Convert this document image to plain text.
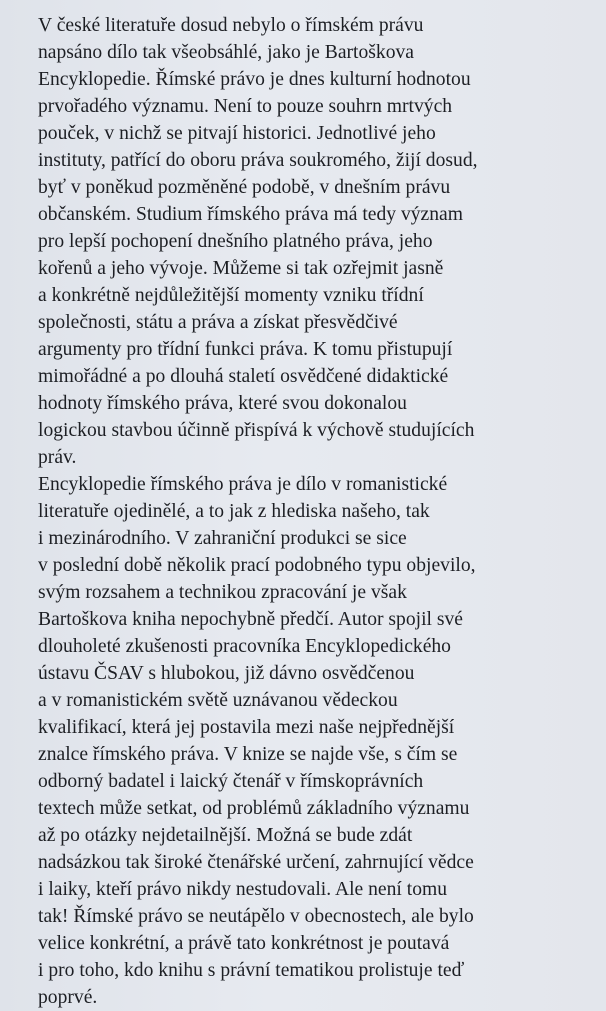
V české literatuře dosud nebylo o římském právu
napsáno dílo tak všeobsáhlé, jako je Bartoškova
Encyklopedie. Římské právo je dnes kulturní hodnotou
prvořadého významu. Není to pouze souhrn mrtvých
pouček, v nichž se pitvají historici. Jednotlivé jeho
instituty, patřící do oboru práva soukromého, žijí dosud,
byť v poněkud pozměněné podobě, v dnešním právu
občanském. Studium římského práva má tedy význam
pro lepší pochopení dnešního platného práva, jeho
kořenů a jeho vývoje. Můžeme si tak ozřejmit jasně
a konkrétně nejdůležitější momenty vzniku třídní
společnosti, státu a práva a získat přesvědčivé
argumenty pro třídní funkci práva. K tomu přistupují
mimořádné a po dlouhá staletí osvědčené didaktické
hodnoty římského práva, které svou dokonalou
logickou stavbou účinně přispívá k výchově studujících
práv.

Encyklopedie římského práva je dílo v romanistické
literatuře ojedinělé, a to jak z hlediska našeho, tak
i mezinárodního. V zahraniční produkci se sice
v poslední době několik prací podobného typu objevilo,
svým rozsahem a technikou zpracování je však
Bartoškova kniha nepochybně předčí. Autor spojil své
dlouholeté zkušenosti pracovníka Encyklopedického
ústavu ČSAV s hlubokou, již dávno osvědčenou
a v romanistickém světě uznávanou vědeckou
kvalifikací, která jej postavila mezi naše nejpřednější
znalce římského práva. V knize se najde vše, s čím se
odborný badatel i laický čtenář v římskoprávních
textech může setkat, od problémů základního významu
až po otázky nejdetailnější. Možná se bude zdát
nadsázkou tak široké čtenářské určení, zahrnující vědce
i laiky, kteří právo nikdy nestudovali. Ale není tomu
tak! Římské právo se neutápělo v obecnostech, ale bylo
velice konkrétní, a právě tato konkrétnost je poutavá
i pro toho, kdo knihu s právní tematikou prolistuje teď
poprvé.
